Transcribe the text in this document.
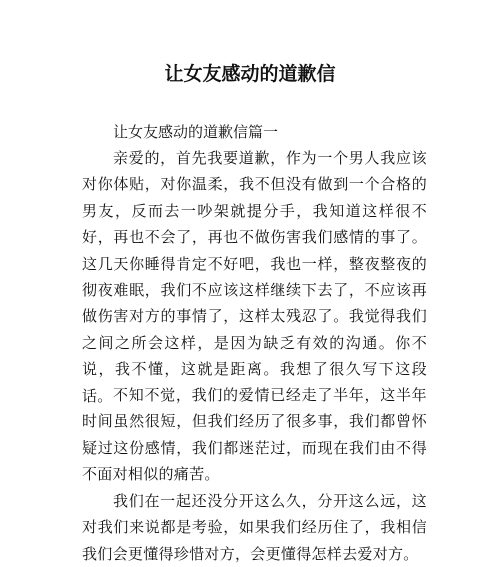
让女友感动的道歉信
让女友感动的道歉信篇一

亲爱的，首先我要道歉，作为一个男人我应该对你体贴，对你温柔，我不但没有做到一个合格的男友，反而去一吵架就提分手，我知道这样很不好，再也不会了，再也不做伤害我们感情的事了。这几天你睡得肯定不好吧，我也一样，整夜整夜的彻夜难眠，我们不应该这样继续下去了，不应该再做伤害对方的事情了，这样太残忍了。我觉得我们之间之所会这样，是因为缺乏有效的沟通。你不说，我不懂，这就是距离。我想了很久写下这段话。 不知不觉，我们的爱情已经走了半年，这半年时间虽然很短，但我们经历了很多事，我们都曾怀疑过这份感情，我们都迷茫过，而现在我们由不得不面对相似的痛苦。

我们在一起还没分开这么久，分开这么远，这对我们来说都是考验，如果我们经历住了，我相信我们会更懂得珍惜对方，会更懂得怎样去爱对方。
